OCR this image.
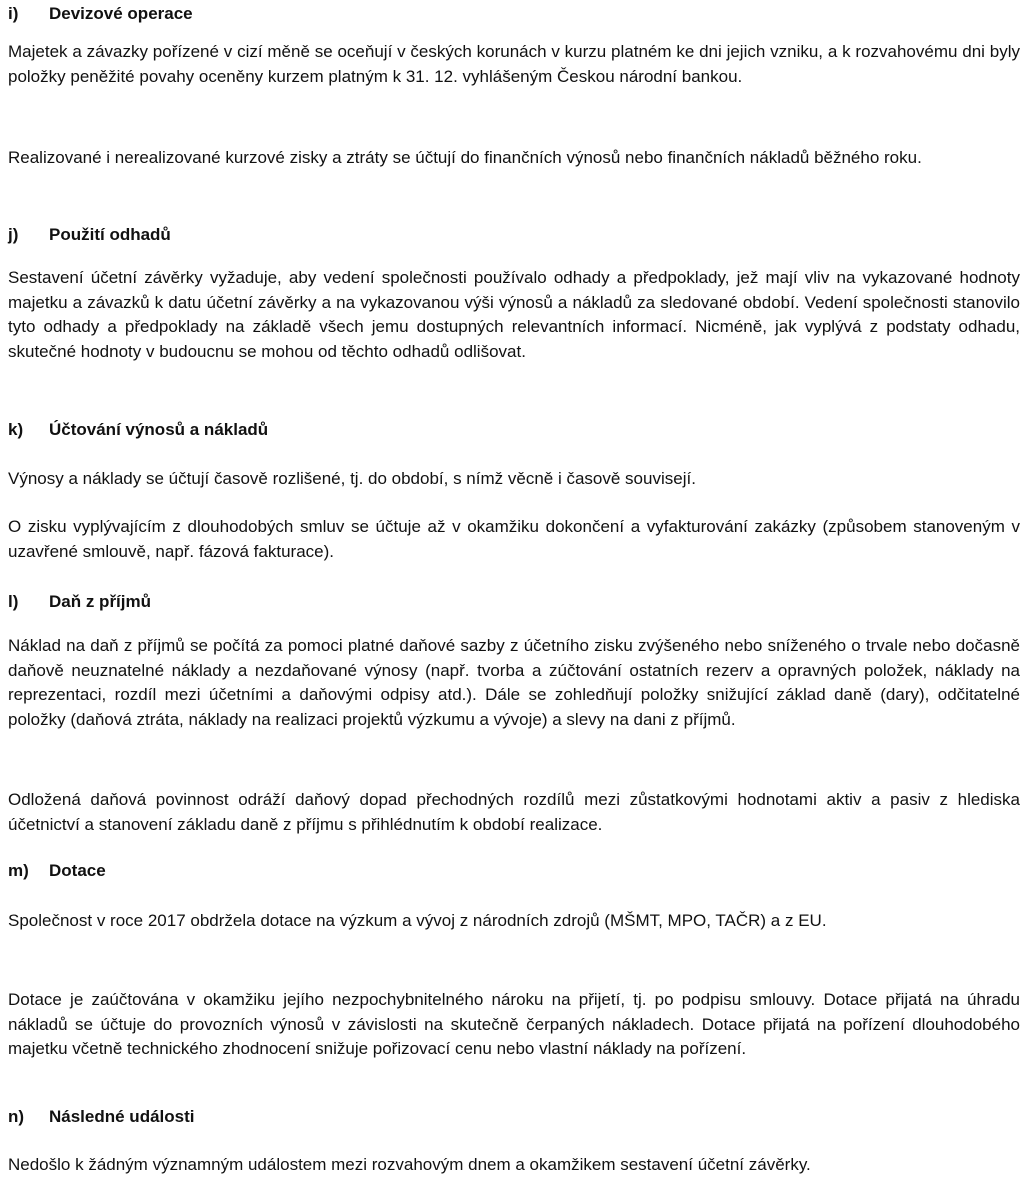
i) Devizové operace
Majetek a závazky pořízené v cizí měně se oceňují v českých korunách v kurzu platném ke dni jejich vzniku, a k rozvahovému dni byly položky peněžité povahy oceněny kurzem platným k 31. 12. vyhlášeným Českou národní bankou.
Realizované i nerealizované kurzové zisky a ztráty se účtují do finančních výnosů nebo finančních nákladů běžného roku.
j) Použití odhadů
Sestavení účetní závěrky vyžaduje, aby vedení společnosti používalo odhady a předpoklady, jež mají vliv na vykazované hodnoty majetku a závazků k datu účetní závěrky a na vykazovanou výši výnosů a nákladů za sledované období. Vedení společnosti stanovilo tyto odhady a předpoklady na základě všech jemu dostupných relevantních informací. Nicméně, jak vyplývá z podstaty odhadu, skutečné hodnoty v budoucnu se mohou od těchto odhadů odlišovat.
k) Účtování výnosů a nákladů
Výnosy a náklady se účtují časově rozlišené, tj. do období, s nímž věcně i časově souvisejí.
O zisku vyplývajícím z dlouhodobých smluv se účtuje až v okamžiku dokončení a vyfakturování zakázky (způsobem stanoveným v uzavřené smlouvě, např. fázová fakturace).
l) Daň z příjmů
Náklad na daň z příjmů se počítá za pomoci platné daňové sazby z účetního zisku zvýšeného nebo sníženého o trvale nebo dočasně daňově neuznatelné náklady a nezdaňované výnosy (např. tvorba a zúčtování ostatních rezerv a opravných položek, náklady na reprezentaci, rozdíl mezi účetními a daňovými odpisy atd.). Dále se zohledňují položky snižující základ daně (dary), odčitatelné položky (daňová ztráta, náklady na realizaci projektů výzkumu a vývoje) a slevy na dani z příjmů.
Odložená daňová povinnost odráží daňový dopad přechodných rozdílů mezi zůstatkovými hodnotami aktiv a pasiv z hlediska účetnictví a stanovení základu daně z příjmu s přihlédnutím k období realizace.
m) Dotace
Společnost v roce 2017 obdržela dotace na výzkum a vývoj z národních zdrojů (MŠMT, MPO, TAČR) a z EU.
Dotace je zaúčtována v okamžiku jejího nezpochybnitelného nároku na přijetí, tj. po podpisu smlouvy. Dotace přijatá na úhradu nákladů se účtuje do provozních výnosů v závislosti na skutečně čerpaných nákladech. Dotace přijatá na pořízení dlouhodobého majetku včetně technického zhodnocení snižuje pořizovací cenu nebo vlastní náklady na pořízení.
n) Následné události
Nedošlo k žádným významným událostem mezi rozvahovým dnem a okamžikem sestavení účetní závěrky.
